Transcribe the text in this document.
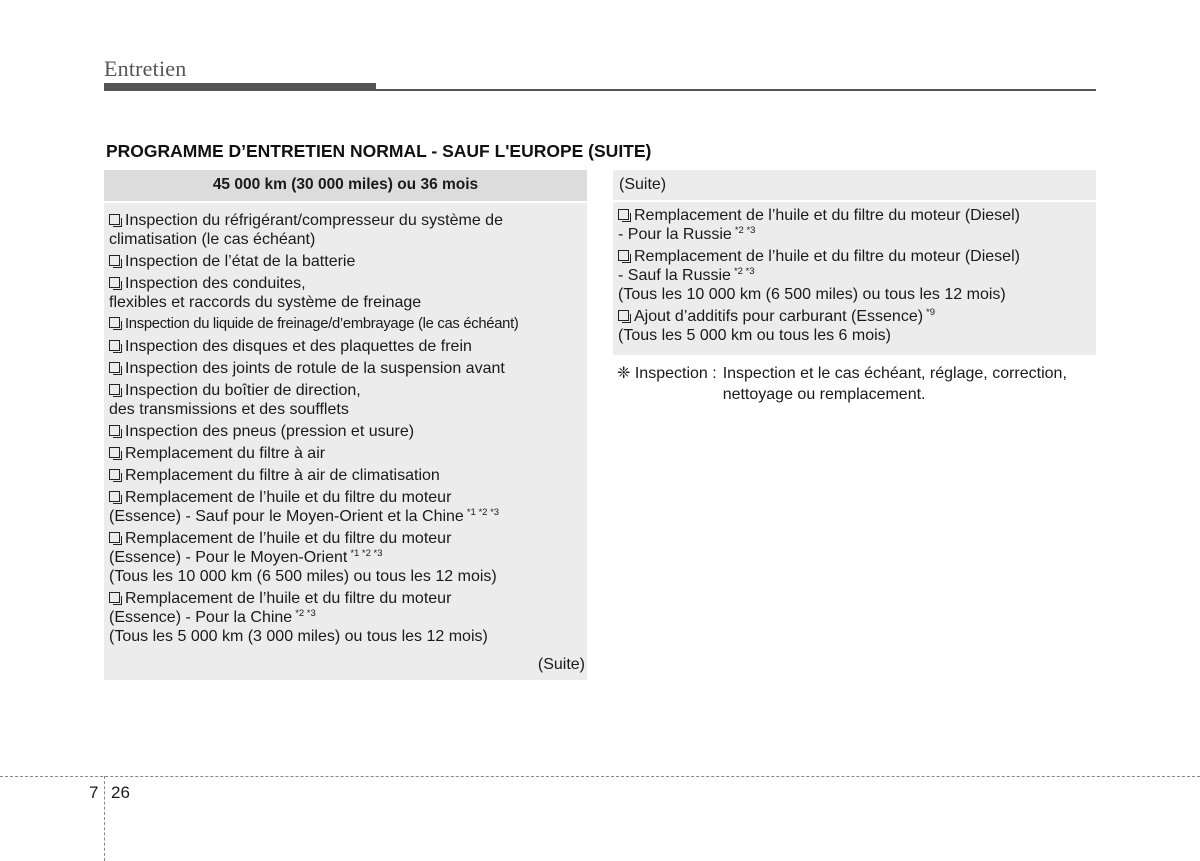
Entretien
PROGRAMME D’ENTRETIEN NORMAL - SAUF L'EUROPE (SUITE)
45 000 km (30 000 miles) ou 36 mois
Inspection du réfrigérant/compresseur du système de
climatisation (le cas échéant)
Inspection de l’état de la batterie
Inspection des conduites,
flexibles et raccords du système de freinage
Inspection du liquide de freinage/d’embrayage (le cas échéant)
Inspection des disques et des plaquettes de frein
Inspection des joints de rotule de la suspension avant
Inspection du boîtier de direction,
des transmissions et des soufflets
Inspection des pneus (pression et usure)
Remplacement du filtre à air
Remplacement du filtre à air de climatisation
Remplacement de l’huile et du filtre du moteur
(Essence) - Sauf pour le Moyen-Orient et la Chine $^{*1 *2 *3}$
Remplacement de l’huile et du filtre du moteur
(Essence) - Pour le Moyen-Orient $^{*1 *2 *3}$
(Tous les 10 000 km (6 500 miles) ou tous les 12 mois)
Remplacement de l’huile et du filtre du moteur
(Essence) - Pour la Chine $^{*2 *3}$
(Tous les 5 000 km (3 000 miles) ou tous les 12 mois)
(Suite)
(Suite)
Remplacement de l’huile et du filtre du moteur (Diesel)
- Pour la Russie $^{*2 *3}$
Remplacement de l’huile et du filtre du moteur (Diesel)
- Sauf la Russie $^{*2 *3}$
(Tous les 10 000 km (6 500 miles) ou tous les 12 mois)
Ajout d’additifs pour carburant (Essence) $^{*9}$
(Tous les 5 000 km ou tous les 6 mois)
❈ Inspection : Inspection et le cas échéant, réglage, correction, nettoyage ou remplacement.
7 26
